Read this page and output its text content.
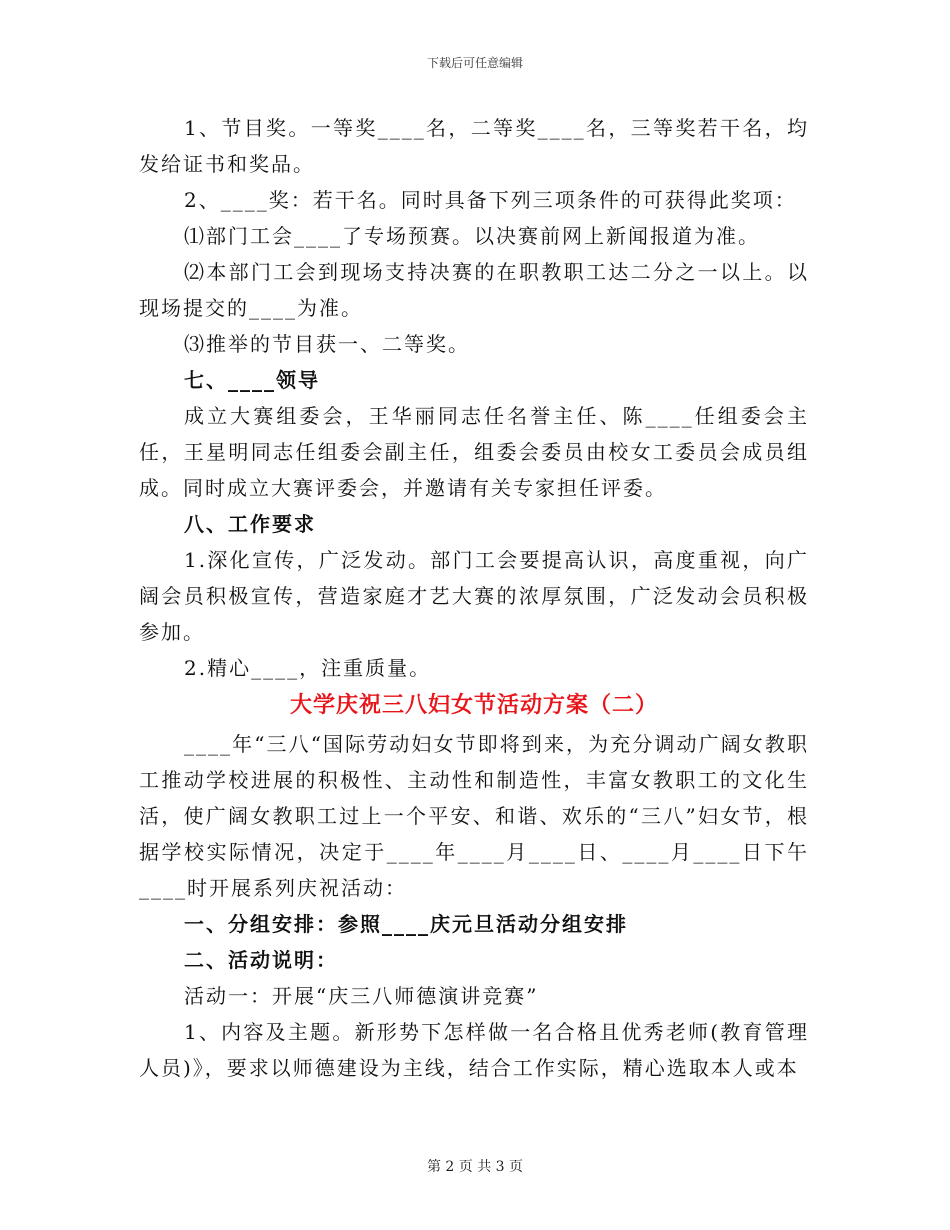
下载后可任意编辑

1、节目奖。一等奖____名，二等奖____名，三等奖若干名，均发给证书和奖品。

2、____奖：若干名。同时具备下列三项条件的可获得此奖项：

⑴部门工会____了专场预赛。以决赛前网上新闻报道为准。

⑵本部门工会到现场支持决赛的在职教职工达二分之一以上。以现场提交的____为准。

⑶推举的节目获一、二等奖。

七、____领导

成立大赛组委会，王华丽同志任名誉主任、陈____任组委会主任，王星明同志任组委会副主任，组委会委员由校女工委员会成员组成。同时成立大赛评委会，并邀请有关专家担任评委。

八、工作要求

1.深化宣传，广泛发动。部门工会要提高认识，高度重视，向广阔会员积极宣传，营造家庭才艺大赛的浓厚氛围，广泛发动会员积极参加。

2.精心____，注重质量。

大学庆祝三八妇女节活动方案（二）

____年“三八“国际劳动妇女节即将到来，为充分调动广阔女教职工推动学校进展的积极性、主动性和制造性，丰富女教职工的文化生活，使广阔女教职工过上一个平安、和谐、欢乐的“三八”妇女节，根据学校实际情况，决定于____年____月____日、____月____日下午____时开展系列庆祝活动：

一、分组安排：参照____庆元旦活动分组安排

二、活动说明：

活动一：开展“庆三八师德演讲竞赛”

1、内容及主题。新形势下怎样做一名合格且优秀老师(教育管理人员)》，要求以师德建设为主线，结合工作实际，精心选取本人或本

第 2 页 共 3 页
